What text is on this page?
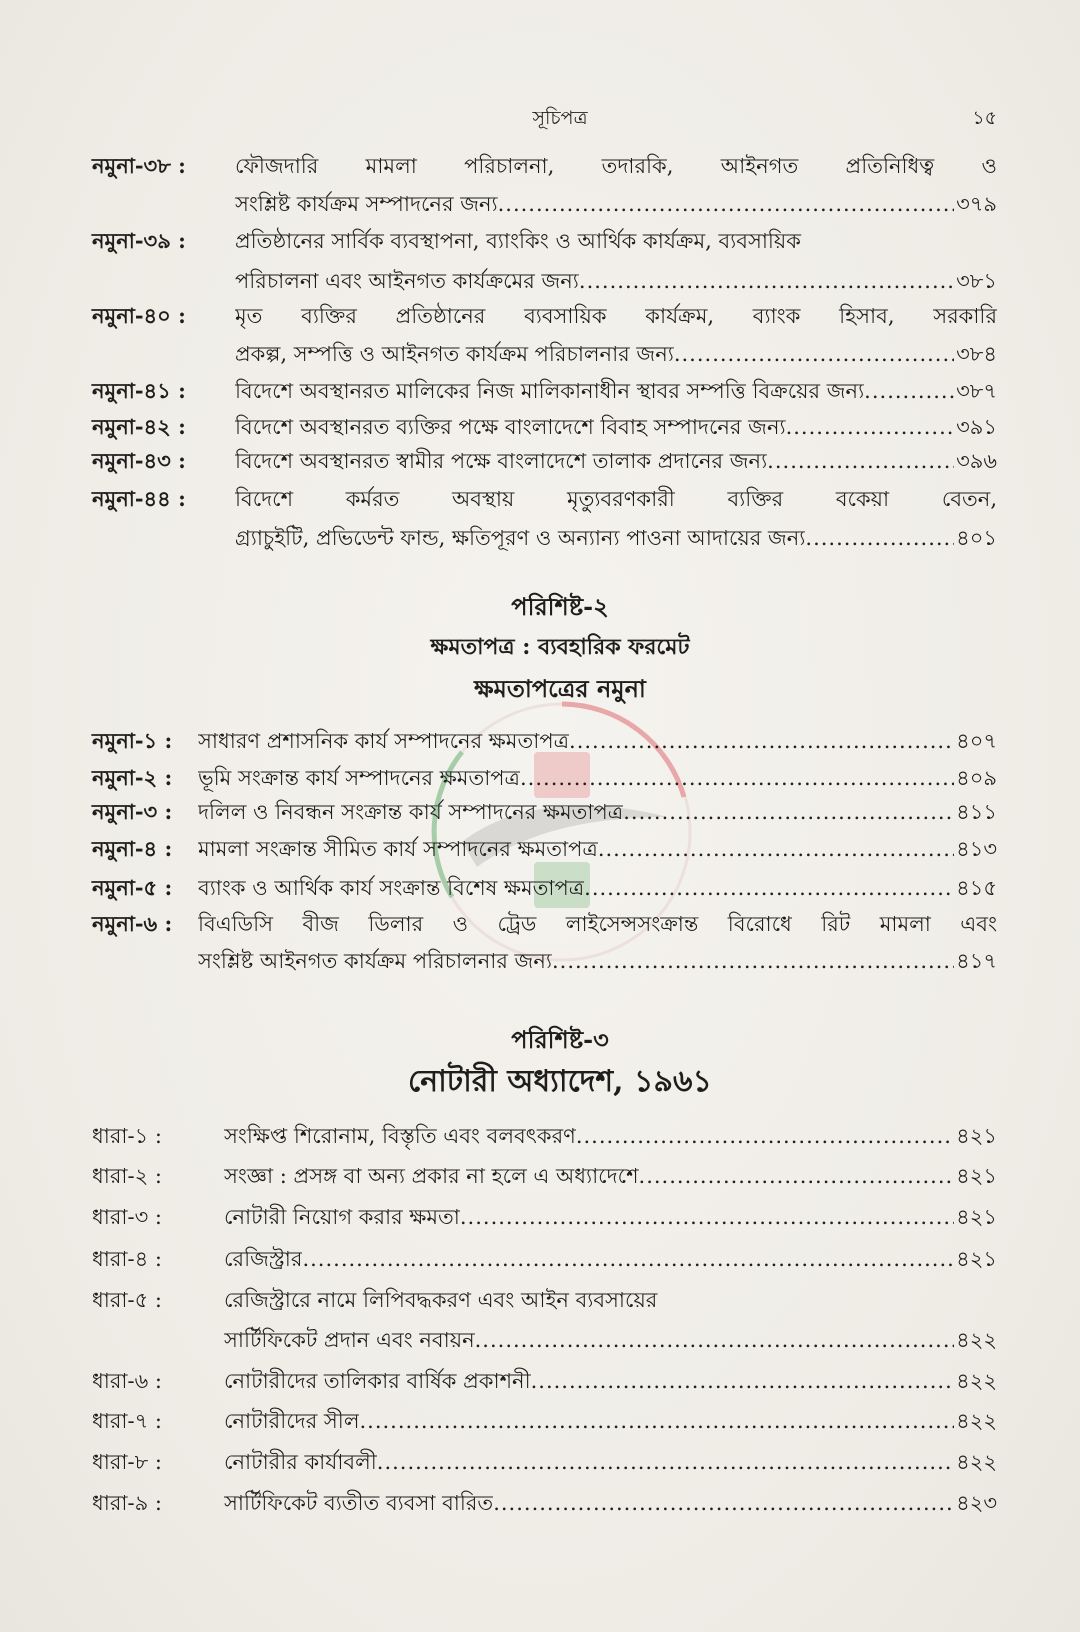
সূচিপত্র	১৫
নমুনা-৩৮ :	ফৌজদারি মামলা পরিচালনা, তদারকি, আইনগত প্রতিনিধিত্ব ও
সংশ্লিষ্ট কার্যক্রম সম্পাদনের জন্য .....	৩৭৯
নমুনা-৩৯ :	প্রতিষ্ঠানের সার্বিক ব্যবস্থাপনা, ব্যাংকিং ও আর্থিক কার্যক্রম, ব্যবসায়িক
পরিচালনা এবং আইনগত কার্যক্রমের জন্য .....	৩৮১
নমুনা-৪০ :	মৃত ব্যক্তির প্রতিষ্ঠানের ব্যবসায়িক কার্যক্রম, ব্যাংক হিসাব, সরকারি
প্রকল্প, সম্পত্তি ও আইনগত কার্যক্রম পরিচালনার জন্য .....	৩৮৪
নমুনা-৪১ :	বিদেশে অবস্থানরত মালিকের নিজ মালিকানাধীন স্থাবর সম্পত্তি বিক্রয়ের জন্য .....	৩৮৭
নমুনা-৪২ :	বিদেশে অবস্থানরত ব্যক্তির পক্ষে বাংলাদেশে বিবাহ সম্পাদনের জন্য .....	৩৯১
নমুনা-৪৩ :	বিদেশে অবস্থানরত স্বামীর পক্ষে বাংলাদেশে তালাক প্রদানের জন্য .....	৩৯৬
নমুনা-৪৪ :	বিদেশে কর্মরত অবস্থায় মৃত্যুবরণকারী ব্যক্তির বকেয়া বেতন,
গ্র্যাচুইটি, প্রভিডেন্ট ফান্ড, ক্ষতিপূরণ ও অন্যান্য পাওনা আদায়ের জন্য .....	৪০১
পরিশিষ্ট-২
ক্ষমতাপত্র : ব্যবহারিক ফরমেট
ক্ষমতাপত্রের নমুনা
নমুনা-১ :	সাধারণ প্রশাসনিক কার্য সম্পাদনের ক্ষমতাপত্র .....	৪০৭
নমুনা-২ :	ভূমি সংক্রান্ত কার্য সম্পাদনের ক্ষমতাপত্র .....	৪০৯
নমুনা-৩ :	দলিল ও নিবন্ধন সংক্রান্ত কার্য সম্পাদনের ক্ষমতাপত্র .....	৪১১
নমুনা-৪ :	মামলা সংক্রান্ত সীমিত কার্য সম্পাদনের ক্ষমতাপত্র .....	৪১৩
নমুনা-৫ :	ব্যাংক ও আর্থিক কার্য সংক্রান্ত বিশেষ ক্ষমতাপত্র .....	৪১৫
নমুনা-৬ :	বিএডিসি বীজ ডিলার ও ট্রেড লাইসেন্সসংক্রান্ত বিরোধে রিট মামলা এবং
সংশ্লিষ্ট আইনগত কার্যক্রম পরিচালনার জন্য .....	৪১৭
পরিশিষ্ট-৩
নোটারী অধ্যাদেশ, ১৯৬১
ধারা-১ :	সংক্ষিপ্ত শিরোনাম, বিস্তৃতি এবং বলবৎকরণ .....	৪২১
ধারা-২ :	সংজ্ঞা : প্রসঙ্গ বা অন্য প্রকার না হলে এ অধ্যাদেশে .....	৪২১
ধারা-৩ :	নোটারী নিয়োগ করার ক্ষমতা .....	৪২১
ধারা-৪ :	রেজিস্ট্রার .....	৪২১
ধারা-৫ :	রেজিস্ট্রারে নামে লিপিবদ্ধকরণ এবং আইন ব্যবসায়ের
সার্টিফিকেট প্রদান এবং নবায়ন .....	৪২২
ধারা-৬ :	নোটারীদের তালিকার বার্ষিক প্রকাশনী .....	৪২২
ধারা-৭ :	নোটারীদের সীল .....	৪২২
ধারা-৮ :	নোটারীর কার্যাবলী .....	৪২২
ধারা-৯ :	সার্টিফিকেট ব্যতীত ব্যবসা বারিত .....	৪২৩
